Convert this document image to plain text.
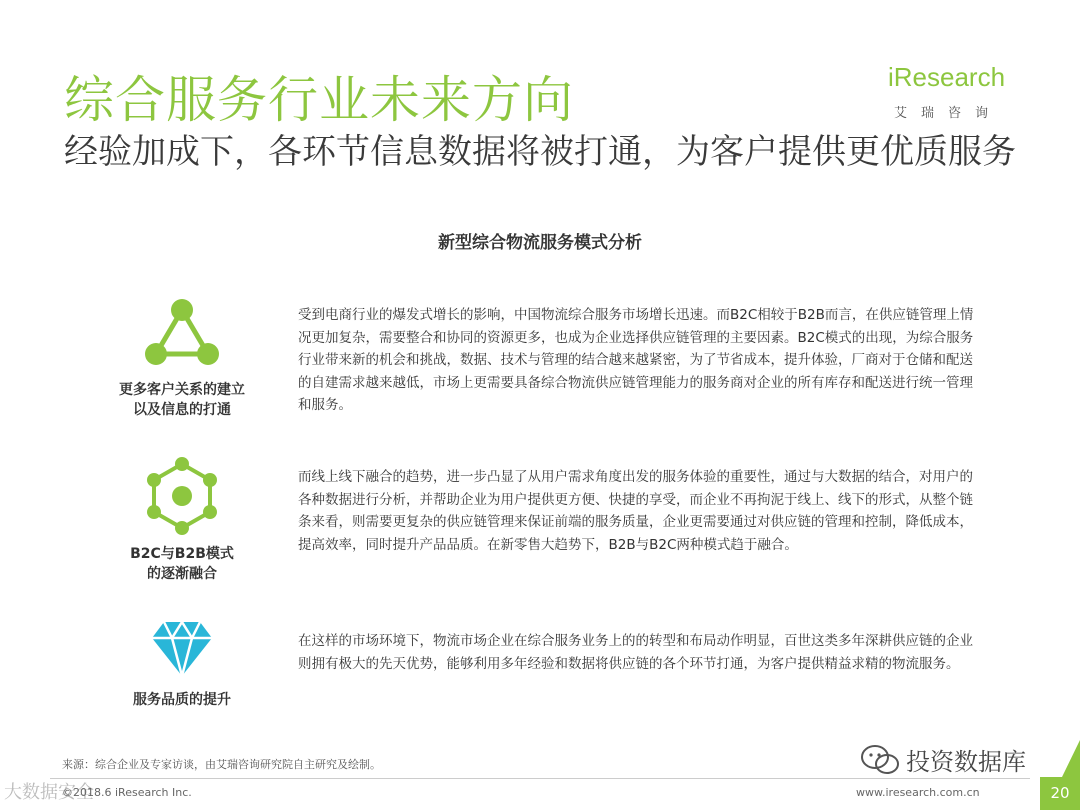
综合服务行业未来方向
经验加成下，各环节信息数据将被打通，为客户提供更优质服务
iResearch
艾瑞咨询
新型综合物流服务模式分析
更多客户关系的建立
以及信息的打通
受到电商行业的爆发式增长的影响，中国物流综合服务市场增长迅速。而B2C相较于B2B而言，在供应链管理上情况更加复杂，需要整合和协同的资源更多，也成为企业选择供应链管理的主要因素。B2C模式的出现，为综合服务行业带来新的机会和挑战，数据、技术与管理的结合越来越紧密，为了节省成本，提升体验，厂商对于仓储和配送的自建需求越来越低，市场上更需要具备综合物流供应链管理能力的服务商对企业的所有库存和配送进行统一管理和服务。
B2C与B2B模式
的逐渐融合
而线上线下融合的趋势，进一步凸显了从用户需求角度出发的服务体验的重要性，通过与大数据的结合，对用户的各种数据进行分析，并帮助企业为用户提供更方便、快捷的享受，而企业不再拘泥于线上、线下的形式，从整个链条来看，则需要更复杂的供应链管理来保证前端的服务质量，企业更需要通过对供应链的管理和控制，降低成本，提高效率，同时提升产品品质。在新零售大趋势下，B2B与B2C两种模式趋于融合。
服务品质的提升
在这样的市场环境下，物流市场企业在综合服务业务上的的转型和布局动作明显，百世这类多年深耕供应链的企业则拥有极大的先天优势，能够利用多年经验和数据将供应链的各个环节打通，为客户提供精益求精的物流服务。
来源：综合企业及专家访谈，由艾瑞咨询研究院自主研究及绘制。	投资数据库
大数据安全
©2018.6 iResearch Inc.	www.iresearch.com.cn	20
